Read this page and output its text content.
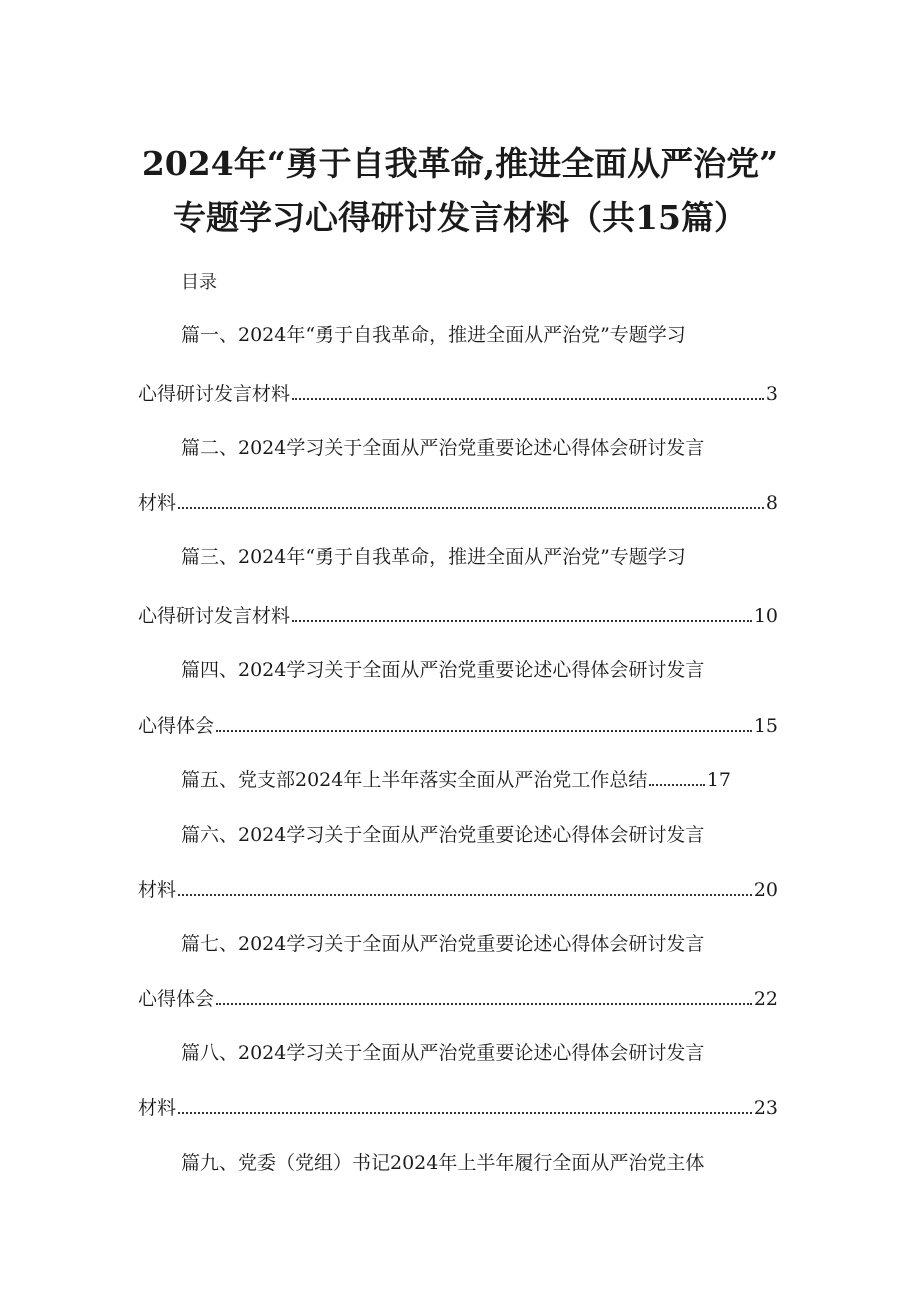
2024年“勇于自我革命,推进全面从严治党”
专题学习心得研讨发言材料（共15篇）
目录
篇一、2024年“勇于自我革命，推进全面从严治党”专题学习
心得研讨发言材料	3
篇二、2024学习关于全面从严治党重要论述心得体会研讨发言
材料	8
篇三、2024年“勇于自我革命，推进全面从严治党”专题学习
心得研讨发言材料	10
篇四、2024学习关于全面从严治党重要论述心得体会研讨发言
心得体会	15
篇五、党支部2024年上半年落实全面从严治党工作总结	17
篇六、2024学习关于全面从严治党重要论述心得体会研讨发言
材料	20
篇七、2024学习关于全面从严治党重要论述心得体会研讨发言
心得体会	22
篇八、2024学习关于全面从严治党重要论述心得体会研讨发言
材料	23
篇九、党委（党组）书记2024年上半年履行全面从严治党主体
